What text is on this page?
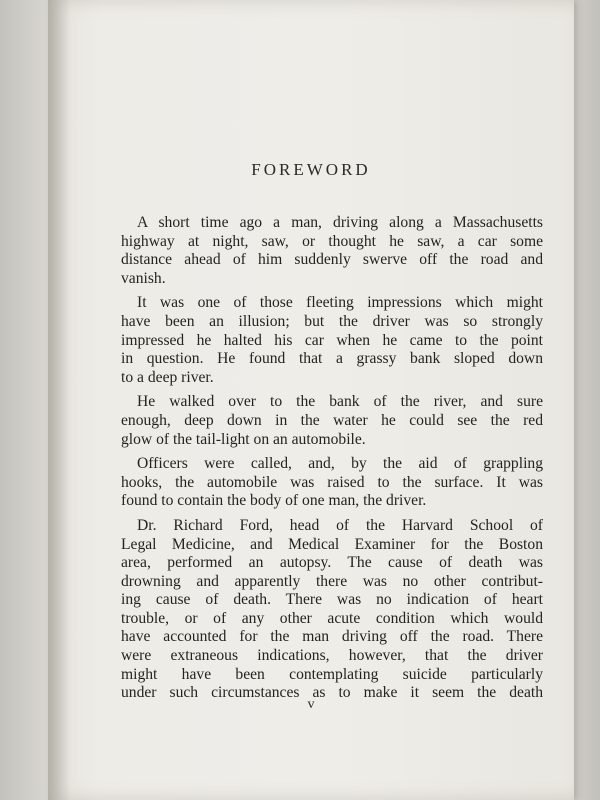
FOREWORD
A short time ago a man, driving along a Massachusetts
highway at night, saw, or thought he saw, a car some
distance ahead of him suddenly swerve off the road and
vanish.
It was one of those fleeting impressions which might
have been an illusion; but the driver was so strongly
impressed he halted his car when he came to the point
in question. He found that a grassy bank sloped down
to a deep river.
He walked over to the bank of the river, and sure
enough, deep down in the water he could see the red
glow of the tail-light on an automobile.
Officers were called, and, by the aid of grappling
hooks, the automobile was raised to the surface. It was
found to contain the body of one man, the driver.
Dr. Richard Ford, head of the Harvard School of
Legal Medicine, and Medical Examiner for the Boston
area, performed an autopsy. The cause of death was
drowning and apparently there was no other contribut-
ing cause of death. There was no indication of heart
trouble, or of any other acute condition which would
have accounted for the man driving off the road. There
were extraneous indications, however, that the driver
might have been contemplating suicide particularly
under such circumstances as to make it seem the death
v
